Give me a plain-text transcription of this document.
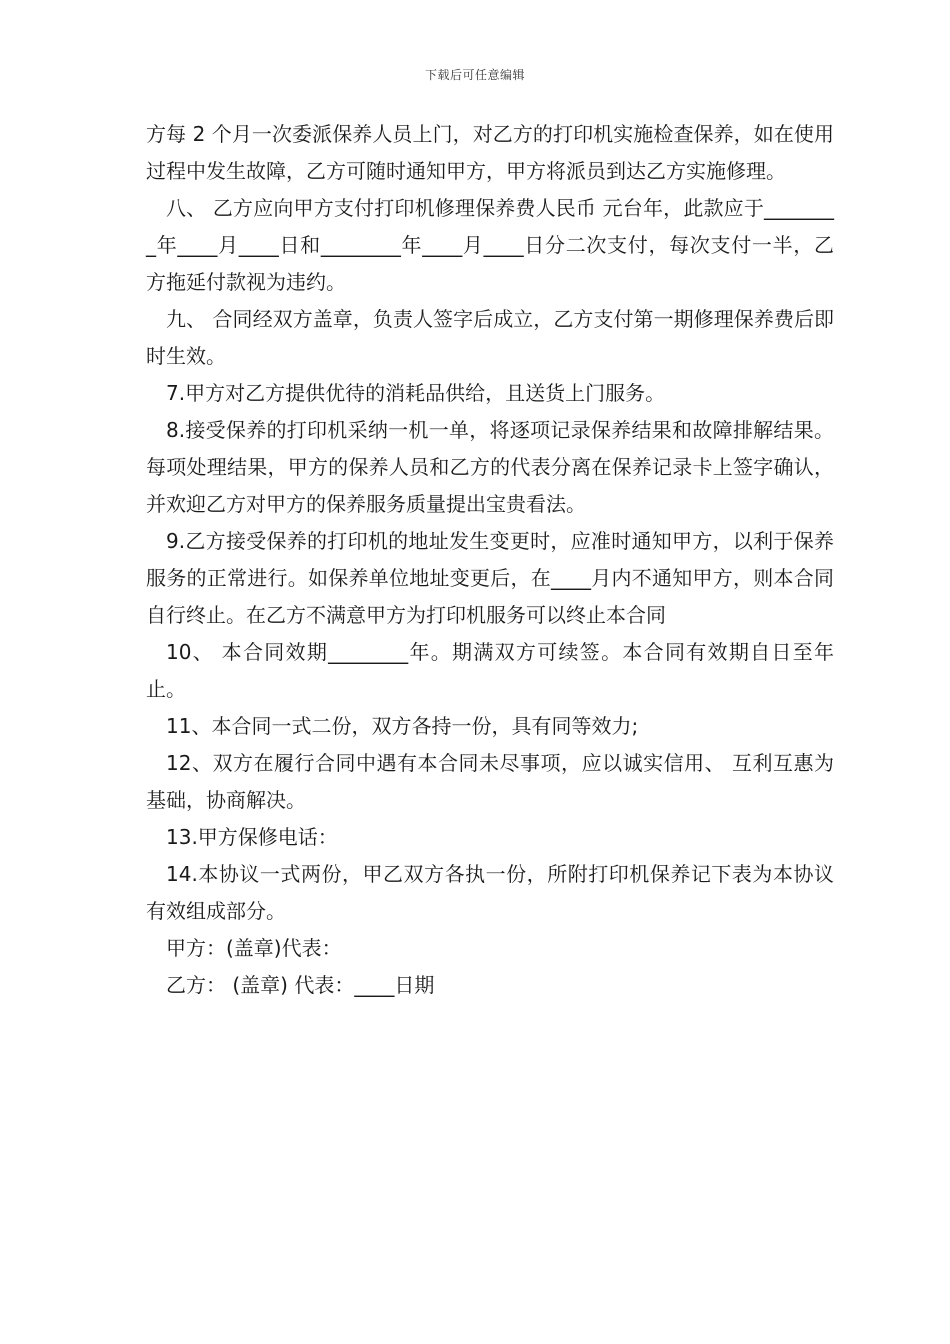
下载后可任意编辑

方每 2 个月一次委派保养人员上门，对乙方的打印机实施检查保养，如在使用过程中发生故障，乙方可随时通知甲方，甲方将派员到达乙方实施修理。

八、 乙方应向甲方支付打印机修理保养费人民币 元台年，此款应于________年____月____日和________年____月____日分二次支付，每次支付一半，乙方拖延付款视为违约。

九、 合同经双方盖章，负责人签字后成立，乙方支付第一期修理保养费后即时生效。

7.甲方对乙方提供优待的消耗品供给，且送货上门服务。

8.接受保养的打印机采纳一机一单，将逐项记录保养结果和故障排解结果。每项处理结果，甲方的保养人员和乙方的代表分离在保养记录卡上签字确认，并欢迎乙方对甲方的保养服务质量提出宝贵看法。

9.乙方接受保养的打印机的地址发生变更时，应准时通知甲方，以利于保养服务的正常进行。如保养单位地址变更后，在____月内不通知甲方，则本合同自行终止。在乙方不满意甲方为打印机服务可以终止本合同

10、 本合同效期________年。期满双方可续签。本合同有效期自日至年止。

11、本合同一式二份，双方各持一份，具有同等效力;

12、双方在履行合同中遇有本合同未尽事项，应以诚实信用、 互利互惠为基础，协商解决。

13.甲方保修电话：

14.本协议一式两份，甲乙双方各执一份，所附打印机保养记下表为本协议有效组成部分。

甲方：(盖章)代表：

乙方： (盖章) 代表：____日期
